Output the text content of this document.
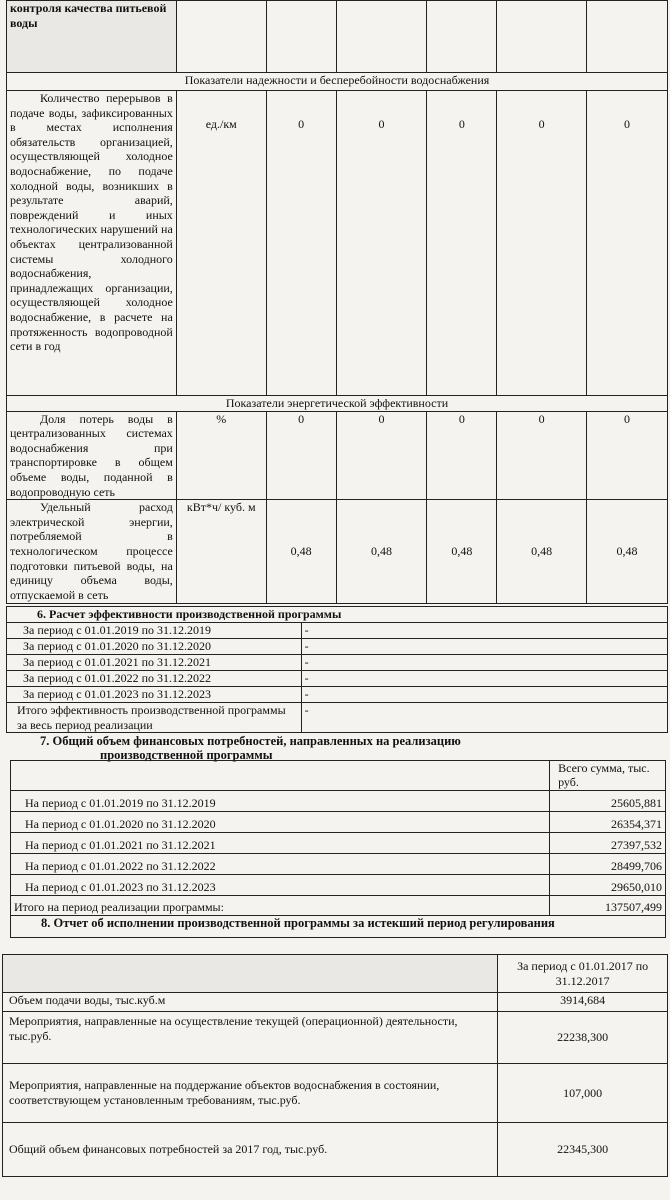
контроля качества питьевой воды						
Показатели надежности и бесперебойности водоснабжения						
Количество перерывов в подаче воды, зафиксированных в местах исполнения обязательств организацией, осуществляющей холодное водоснабжение, по подаче холодной воды, возникших в результате аварий, повреждений и иных технологических нарушений на объектах централизованной системы холодного водоснабжения, принадлежащих организации, осуществляющей холодное водоснабжение, в расчете на протяженность водопроводной сети в год	ед./км	0	0	0	0	0
Показатели энергетической эффективности						
Доля потерь воды в централизованных системах водоснабжения при транспортировке в общем объеме воды, поданной в водопроводную сеть	%	0	0	0	0	0
Удельный расход электрической энергии, потребляемой в технологическом процессе подготовки питьевой воды, на единицу объема воды, отпускаемой в сеть	кВт*ч/ куб. м	0,48	0,48	0,48	0,48	0,48
6. Расчет эффективности производственной программы	
За период с 01.01.2019 по 31.12.2019	-
За период с 01.01.2020 по 31.12.2020	-
За период с 01.01.2021 по 31.12.2021	-
За период с 01.01.2022 по 31.12.2022	-
За период с 01.01.2023 по 31.12.2023	-
Итого эффективность производственной программы за весь период реализации	-
7. Общий объем финансовых потребностей, направленных на реализацию
производственной программы
	Всего сумма, тыс. руб.
На период с 01.01.2019 по 31.12.2019	25605,881
На период с 01.01.2020 по 31.12.2020	26354,371
На период с 01.01.2021 по 31.12.2021	27397,532
На период с 01.01.2022 по 31.12.2022	28499,706
На период с 01.01.2023 по 31.12.2023	29650,010
Итого на период реализации программы:	137507,499
8. Отчет об исполнении производственной программы за истекший период регулирования	
	За период с 01.01.2017 по 31.12.2017
Объем подачи воды, тыс.куб.м	3914,684
Мероприятия, направленные на осуществление текущей (операционной) деятельности, тыс.руб.	22238,300
Мероприятия, направленные на поддержание объектов водоснабжения в состоянии, соответствующем установленным требованиям, тыс.руб.	107,000
Общий объем финансовых потребностей за 2017 год, тыс.руб.	22345,300
